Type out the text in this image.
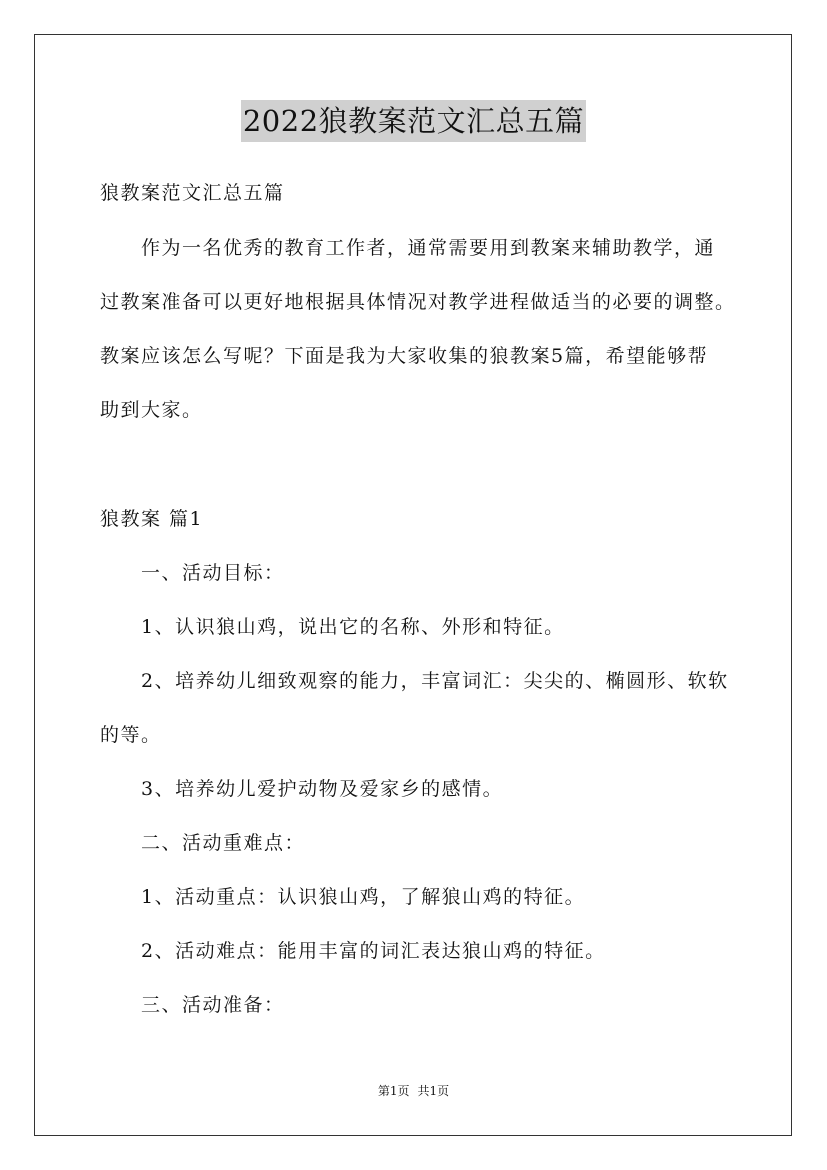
2022狼教案范文汇总五篇
狼教案范文汇总五篇
作为一名优秀的教育工作者，通常需要用到教案来辅助教学，通
过教案准备可以更好地根据具体情况对教学进程做适当的必要的调整。
教案应该怎么写呢？下面是我为大家收集的狼教案5篇，希望能够帮
助到大家。
狼教案 篇1
一、活动目标：
1、认识狼山鸡，说出它的名称、外形和特征。
2、培养幼儿细致观察的能力，丰富词汇：尖尖的、椭圆形、软软
的等。
3、培养幼儿爱护动物及爱家乡的感情。
二、活动重难点：
1、活动重点：认识狼山鸡，了解狼山鸡的特征。
2、活动难点：能用丰富的词汇表达狼山鸡的特征。
三、活动准备：
第1页 共1页
